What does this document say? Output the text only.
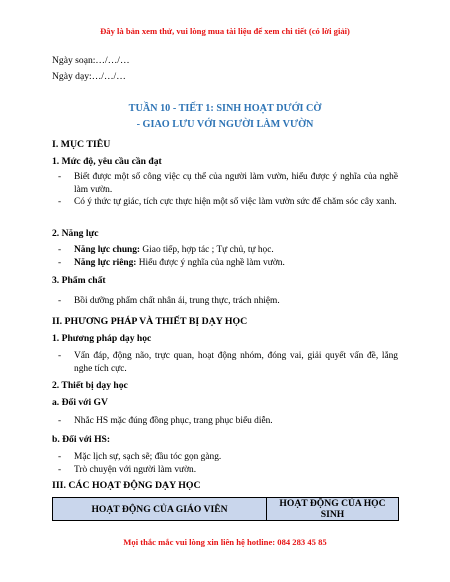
Đây là bản xem thử, vui lòng mua tài liệu để xem chi tiết (có lời giải)
Ngày soạn:…/…/…
Ngày dạy:…/…/…
TUẦN 10 - TIẾT 1: SINH HOẠT DƯỚI CỜ
- GIAO LƯU VỚI NGƯỜI LÀM VƯỜN
I. MỤC TIÊU
1. Mức độ, yêu cầu cần đạt
- Biết được một số công việc cụ thể của người làm vườn, hiểu được ý nghĩa của nghề làm vườn.
- Có ý thức tự giác, tích cực thực hiện một số việc làm vườn sức để chăm sóc cây xanh.
2. Năng lực
- Năng lực chung: Giao tiếp, hợp tác ; Tự chủ, tự học.
- Năng lực riêng: Hiểu được ý nghĩa của nghề làm vườn.
3. Phẩm chất
- Bồi dưỡng phẩm chất nhân ái, trung thực, trách nhiệm.
II. PHƯƠNG PHÁP VÀ THIẾT BỊ DẠY HỌC
1. Phương pháp dạy học
- Vấn đáp, động não, trực quan, hoạt động nhóm, đóng vai, giải quyết vấn đề, lắng nghe tích cực.
2. Thiết bị dạy học
a. Đối với GV
- Nhắc HS mặc đúng đồng phục, trang phục biểu diễn.
b. Đối với HS:
- Mặc lịch sự, sạch sẽ; đầu tóc gọn gàng.
- Trò chuyện với người làm vườn.
III. CÁC HOẠT ĐỘNG DẠY HỌC
HOẠT ĐỘNG CỦA GIÁO VIÊN	HOẠT ĐỘNG CỦA HỌC SINH
Mọi thắc mắc vui lòng xin liên hệ hotline: 084 283 45 85
